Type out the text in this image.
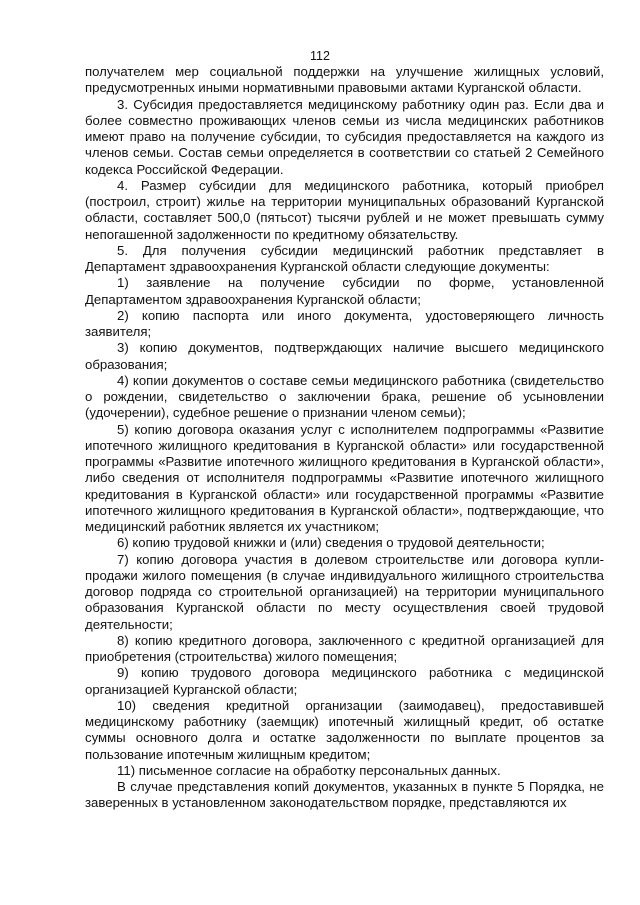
112

получателем мер социальной поддержки на улучшение жилищных условий, предусмотренных иными нормативными правовыми актами Курганской области.

3. Субсидия предоставляется медицинскому работнику один раз. Если два и более совместно проживающих членов семьи из числа медицинских работников имеют право на получение субсидии, то субсидия предоставляется на каждого из членов семьи. Состав семьи определяется в соответствии со статьей 2 Семейного кодекса Российской Федерации.

4. Размер субсидии для медицинского работника, который приобрел (построил, строит) жилье на территории муниципальных образований Курганской области, составляет 500,0 (пятьсот) тысячи рублей и не может превышать сумму непогашенной задолженности по кредитному обязательству.

5. Для получения субсидии медицинский работник представляет в Департамент здравоохранения Курганской области следующие документы:

1) заявление на получение субсидии по форме, установленной Департаментом здравоохранения Курганской области;

2) копию паспорта или иного документа, удостоверяющего личность заявителя;

3) копию документов, подтверждающих наличие высшего медицинского образования;

4) копии документов о составе семьи медицинского работника (свидетельство о рождении, свидетельство о заключении брака, решение об усыновлении (удочерении), судебное решение о признании членом семьи);

5) копию договора оказания услуг с исполнителем подпрограммы «Развитие ипотечного жилищного кредитования в Курганской области» или государственной программы «Развитие ипотечного жилищного кредитования в Курганской области», либо сведения от исполнителя подпрограммы «Развитие ипотечного жилищного кредитования в Курганской области» или государственной программы «Развитие ипотечного жилищного кредитования в Курганской области», подтверждающие, что медицинский работник является их участником;

6) копию трудовой книжки и (или) сведения о трудовой деятельности;

7) копию договора участия в долевом строительстве или договора купли-продажи жилого помещения (в случае индивидуального жилищного строительства договор подряда со строительной организацией) на территории муниципального образования Курганской области по месту осуществления своей трудовой деятельности;

8) копию кредитного договора, заключенного с кредитной организацией для приобретения (строительства) жилого помещения;

9) копию трудового договора медицинского работника с медицинской организацией Курганской области;

10) сведения кредитной организации (заимодавец), предоставившей медицинскому работнику (заемщик) ипотечный жилищный кредит, об остатке суммы основного долга и остатке задолженности по выплате процентов за пользование ипотечным жилищным кредитом;

11) письменное согласие на обработку персональных данных.

В случае представления копий документов, указанных в пункте 5 Порядка, не заверенных в установленном законодательством порядке, представляются их
